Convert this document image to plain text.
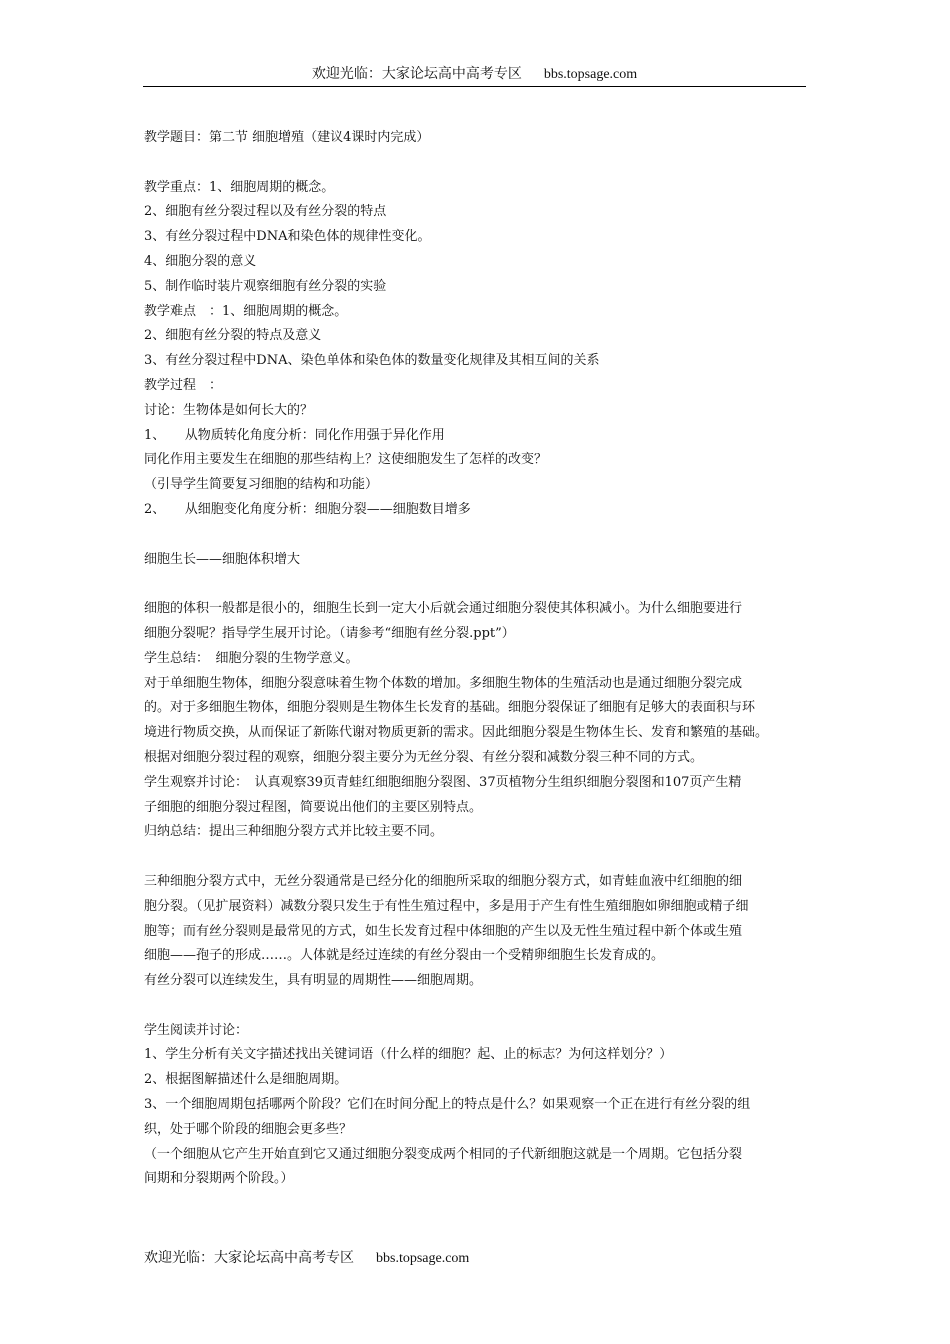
欢迎光临：大家论坛高中高考专区 bbs.topsage.com
教学题目：第二节 细胞增殖（建议4课时内完成）
教学重点：1、细胞周期的概念。
2、细胞有丝分裂过程以及有丝分裂的特点
3、有丝分裂过程中DNA和染色体的规律性变化。
4、细胞分裂的意义
5、制作临时装片观察细胞有丝分裂的实验
教学难点　：1、细胞周期的概念。
2、细胞有丝分裂的特点及意义
3、有丝分裂过程中DNA、染色单体和染色体的数量变化规律及其相互间的关系
教学过程　：
讨论：生物体是如何长大的？
1、　　从物质转化角度分析：同化作用强于异化作用
同化作用主要发生在细胞的那些结构上？这使细胞发生了怎样的改变？
（引导学生简要复习细胞的结构和功能）
2、　　从细胞变化角度分析：细胞分裂——细胞数目增多
细胞生长——细胞体积增大
细胞的体积一般都是很小的，细胞生长到一定大小后就会通过细胞分裂使其体积减小。为什么细胞要进行
细胞分裂呢？指导学生展开讨论。（请参考“细胞有丝分裂.ppt”）
学生总结：　细胞分裂的生物学意义。
对于单细胞生物体，细胞分裂意味着生物个体数的增加。多细胞生物体的生殖活动也是通过细胞分裂完成
的。对于多细胞生物体，细胞分裂则是生物体生长发育的基础。细胞分裂保证了细胞有足够大的表面积与环
境进行物质交换，从而保证了新陈代谢对物质更新的需求。因此细胞分裂是生物体生长、发育和繁殖的基础。
根据对细胞分裂过程的观察，细胞分裂主要分为无丝分裂、有丝分裂和减数分裂三种不同的方式。
学生观察并讨论：　认真观察39页青蛙红细胞细胞分裂图、37页植物分生组织细胞分裂图和107页产生精
子细胞的细胞分裂过程图，简要说出他们的主要区别特点。
归纳总结：提出三种细胞分裂方式并比较主要不同。
三种细胞分裂方式中，无丝分裂通常是已经分化的细胞所采取的细胞分裂方式，如青蛙血液中红细胞的细
胞分裂。（见扩展资料）减数分裂只发生于有性生殖过程中，多是用于产生有性生殖细胞如卵细胞或精子细
胞等；而有丝分裂则是最常见的方式，如生长发育过程中体细胞的产生以及无性生殖过程中新个体或生殖
细胞——孢子的形成……。人体就是经过连续的有丝分裂由一个受精卵细胞生长发育成的。
有丝分裂可以连续发生，具有明显的周期性——细胞周期。
学生阅读并讨论：
1、学生分析有关文字描述找出关键词语（什么样的细胞？起、止的标志？为何这样划分？）
2、根据图解描述什么是细胞周期。
3、一个细胞周期包括哪两个阶段？它们在时间分配上的特点是什么？如果观察一个正在进行有丝分裂的组
织，处于哪个阶段的细胞会更多些？
（一个细胞从它产生开始直到它又通过细胞分裂变成两个相同的子代新细胞这就是一个周期。它包括分裂
间期和分裂期两个阶段。）
欢迎光临：大家论坛高中高考专区 bbs.topsage.com
